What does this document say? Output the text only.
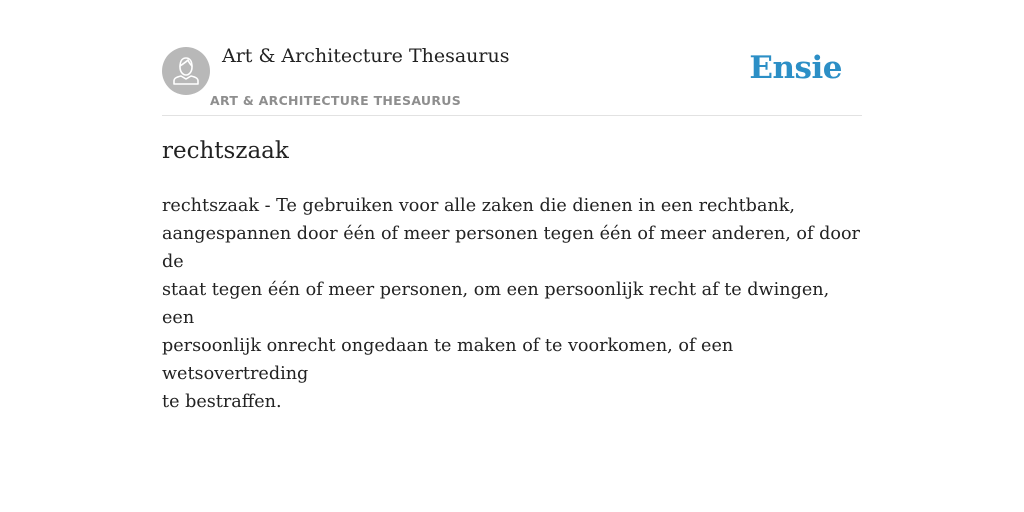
Art & Architecture Thesaurus
ART & ARCHITECTURE THESAURUS
Ensie
rechtszaak

rechtszaak - Te gebruiken voor alle zaken die dienen in een rechtbank,
aangespannen door één of meer personen tegen één of meer anderen, of door de
staat tegen één of meer personen, om een persoonlijk recht af te dwingen, een
persoonlijk onrecht ongedaan te maken of te voorkomen, of een wetsovertreding
te bestraffen.
